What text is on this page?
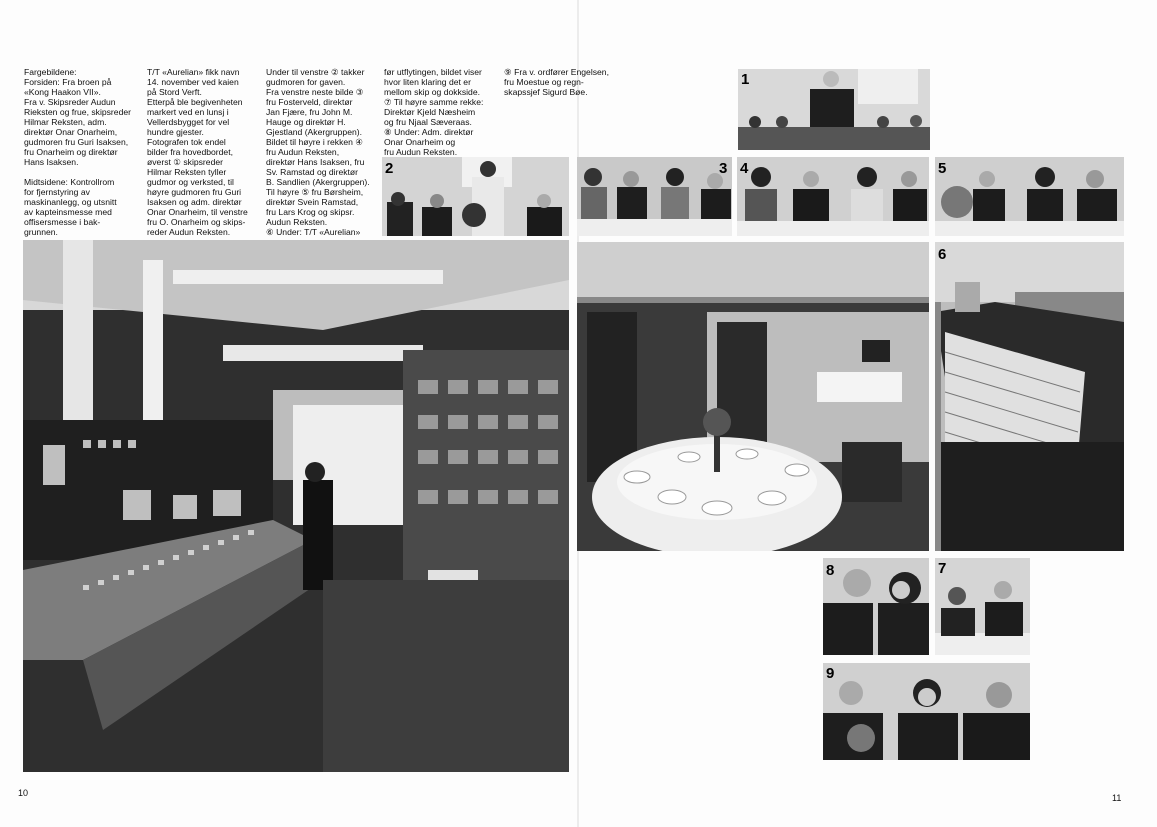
Fargebildene:
Forsiden: Fra broen på
«Kong Haakon VII».
Fra v. Skipsreder Audun
Rieksten og frue, skipsreder
Hilmar Reksten, adm.
direktør Onar Onarheim,
gudmoren fru Guri Isaksen,
fru Onarheim og direktør
Hans Isaksen.

Midtsidene: Kontrollrom
for fjernstyring av
maskinanlegg, og utsnitt
av kapteinsmesse med
offisersmesse i bak-
grunnen.
T/T «Aurelian» fikk navn
14. november ved kaien
på Stord Verft.
Etterpå ble begivenheten
markert ved en lunsj i
Vellerdsbygget for vel
hundre gjester.
Fotografen tok endel
bilder fra hovedbordet,
øverst ① skipsreder
Hilmar Reksten tyller
gudmor og verksted, til
høyre gudmoren fru Guri
Isaksen og adm. direktør
Onar Onarheim, til venstre
fru O. Onarheim og skips-
reder Audun Reksten.
Under til venstre ② takker
gudmoren for gaven.
Fra venstre neste bilde ③
fru Fosterveld, direktør
Jan Fjære, fru John M.
Hauge og direktør H.
Gjestland (Akergruppen).
Bildet til høyre i rekken ④
fru Audun Reksten,
direktør Hans Isaksen, fru
Sv. Ramstad og direktør
B. Sandlien (Akergruppen).
Til høyre ⑤ fru Børsheim,
direktør Svein Ramstad,
fru Lars Krog og skipsr.
Audun Reksten.
⑥ Under: T/T «Aurelian»
før utflytingen, bildet viser
hvor liten klaring det er
mellom skip og dokkside.
⑦ Til høyre samme rekke:
Direktør Kjeld Næsheim
og fru Njaal Sæveraas.
⑧ Under: Adm. direktør
Onar Onarheim og
fru Audun Reksten.
⑨ Fra v. ordfører Engelsen,
fru Moestue og regn-
skapssjef Sigurd Bøe.
1
2	3 4	5
6
8	7
9
10	11
